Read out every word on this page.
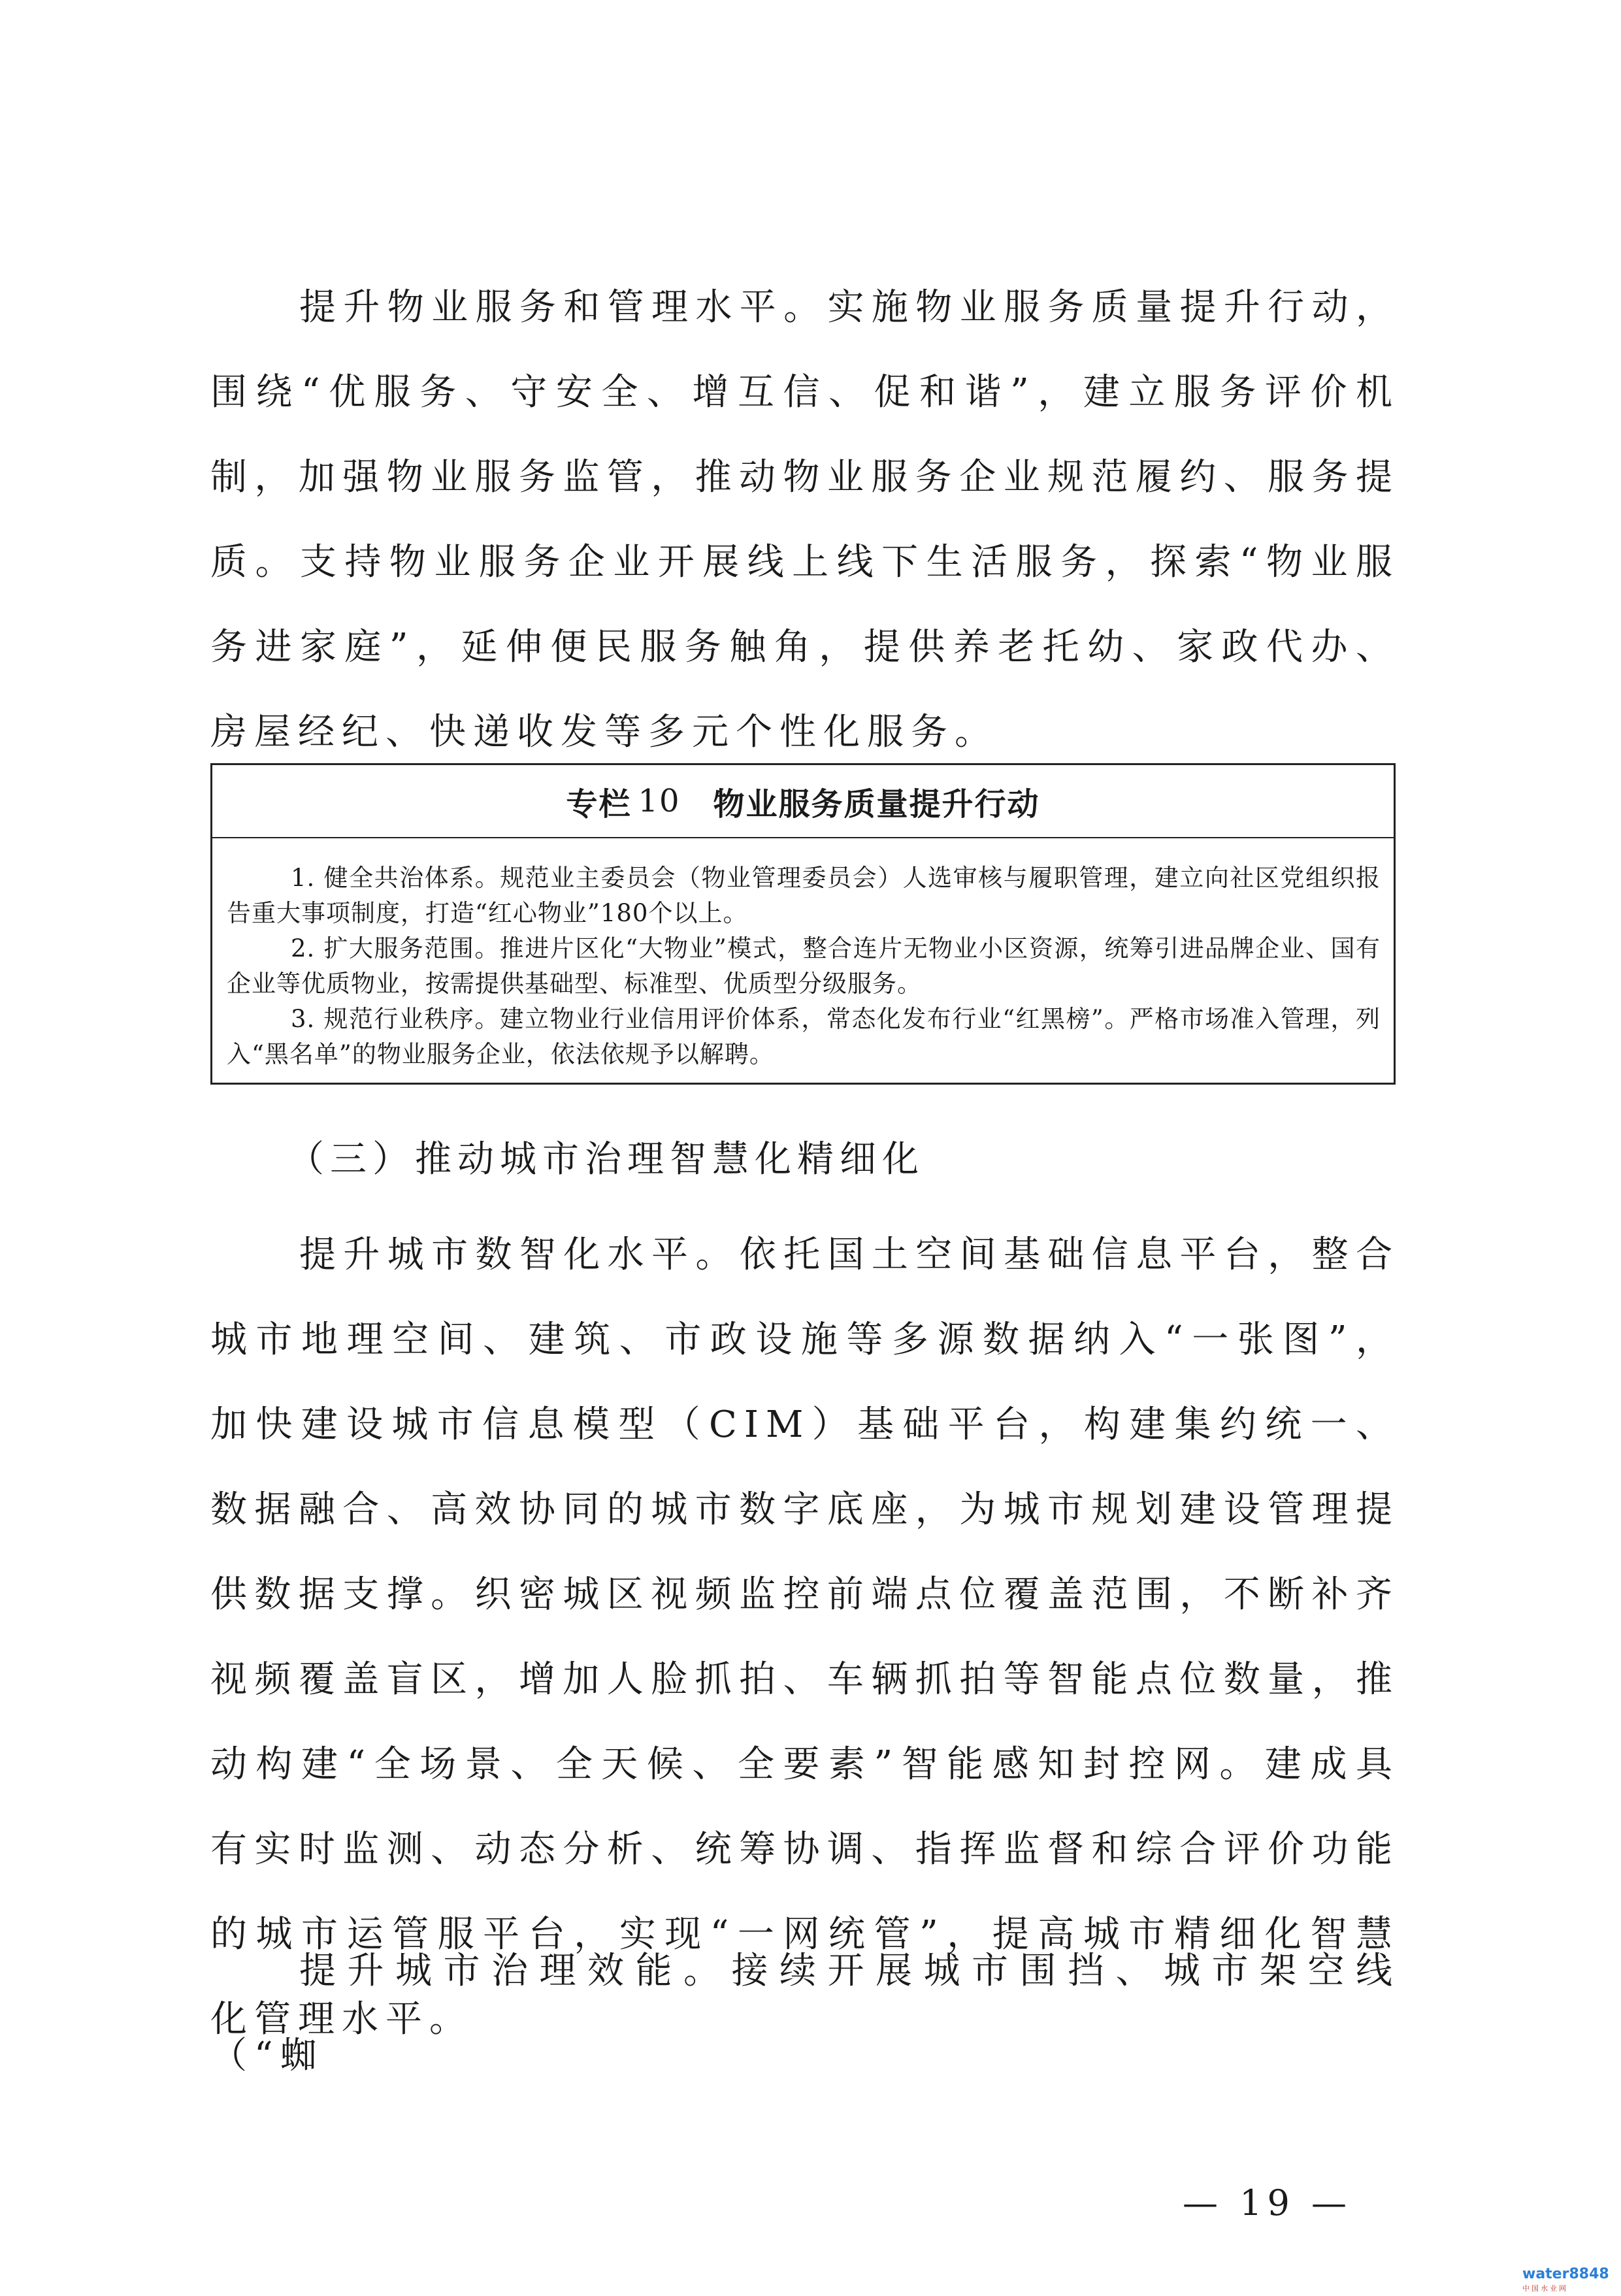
提升物业服务和管理水平。实施物业服务质量提升行动，围绕“优服务、守安全、增互信、促和谐”，建立服务评价机制，加强物业服务监管，推动物业服务企业规范履约、服务提质。支持物业服务企业开展线上线下生活服务，探索“物业服务进家庭”，延伸便民服务触角，提供养老托幼、家政代办、房屋经纪、快递收发等多元个性化服务。

专栏 10 物业服务质量提升行动

1. 健全共治体系。规范业主委员会（物业管理委员会）人选审核与履职管理，建立向社区党组织报告重大事项制度，打造“红心物业”180个以上。

2. 扩大服务范围。推进片区化“大物业”模式，整合连片无物业小区资源，统筹引进品牌企业、国有企业等优质物业，按需提供基础型、标准型、优质型分级服务。

3. 规范行业秩序。建立物业行业信用评价体系，常态化发布行业“红黑榜”。严格市场准入管理，列入“黑名单”的物业服务企业，依法依规予以解聘。

（三）推动城市治理智慧化精细化

提升城市数智化水平。依托国土空间基础信息平台，整合城市地理空间、建筑、市政设施等多源数据纳入“一张图”，加快建设城市信息模型（CIM）基础平台，构建集约统一、数据融合、高效协同的城市数字底座，为城市规划建设管理提供数据支撑。织密城区视频监控前端点位覆盖范围，不断补齐视频覆盖盲区，增加人脸抓拍、车辆抓拍等智能点位数量，推动构建“全场景、全天候、全要素”智能感知封控网。建成具有实时监测、动态分析、统筹协调、指挥监督和综合评价功能的城市运管服平台，实现“一网统管”，提高城市精细化智慧化管理水平。

提升城市治理效能。接续开展城市围挡、城市架空线（“蜘

— 19 —

water8848
中国水业网
